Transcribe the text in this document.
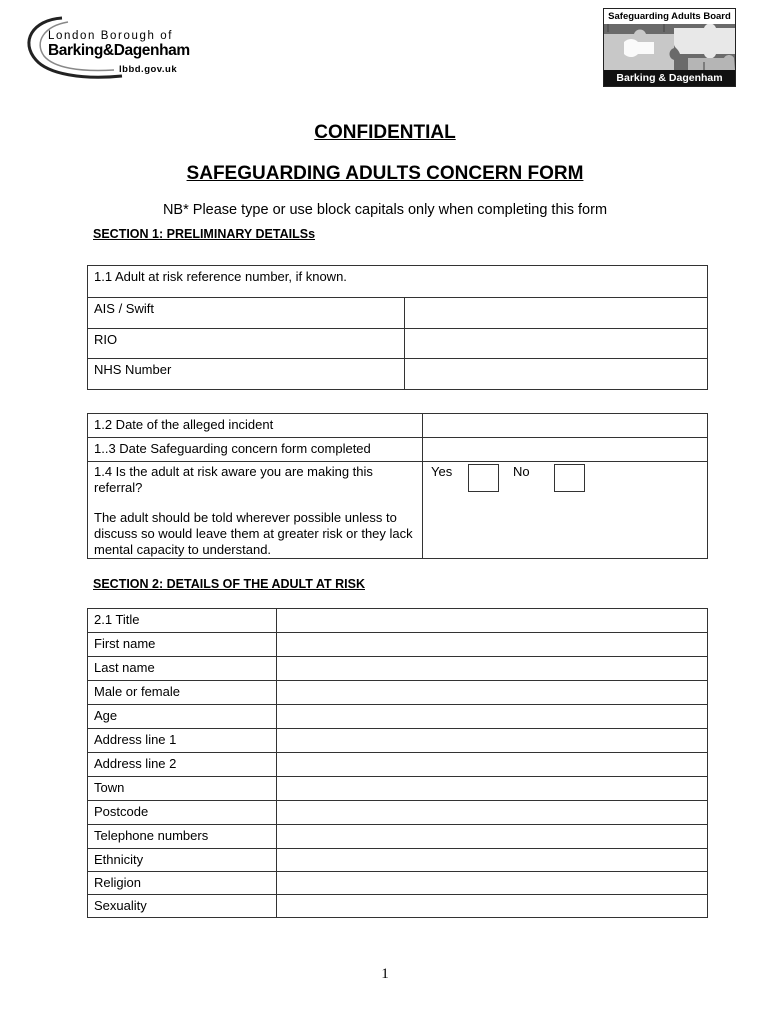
London Borough of
Barking&Dagenham
lbbd.gov.uk
Safeguarding Adults Board
Barking & Dagenham
CONFIDENTIAL
SAFEGUARDING ADULTS CONCERN FORM
NB* Please type or use block capitals only when completing this form
SECTION 1: PRELIMINARY DETAILSs
1.1 Adult at risk reference number, if known.	
AIS / Swift	
RIO	
NHS Number	
1.2 Date of the alleged incident	
1..3 Date Safeguarding concern form completed	

1.4 Is the adult at risk aware you are making this referral?
The adult should be told wherever possible unless to discuss so would leave them at greater risk or they lack mental capacity to understand.	Yes No
SECTION 2: DETAILS OF THE ADULT AT RISK
2.1 Title	
First name	
Last name	
Male or female	
Age	
Address line 1	
Address line 2	
Town	
Postcode	
Telephone numbers	
Ethnicity	
Religion	
Sexuality	
1
